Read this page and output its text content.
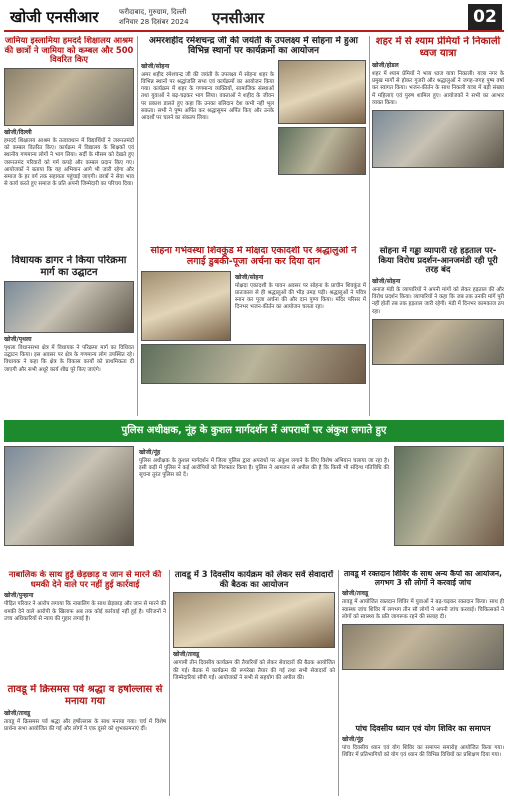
खोजी एनसीआर	फरीदाबाद, गुरुग्राम, दिल्ली
शनिवार 28 दिसंबर 2024 एनसीआर	02
जामिया इस्लामिया हमदर्द शिक्षालय आश्रम की छात्रों ने जामिया को कम्बल और 500 विवरित किए
खोजी/दिल्ली
हमदर्द शिक्षालय आश्रम के तत्वावधान में विद्यार्थियों ने जरूरतमंदों को कम्बल वितरित किए। कार्यक्रम में विद्यालय के शिक्षकों एवं स्थानीय गणमान्य लोगों ने भाग लिया। सर्दी के मौसम को देखते हुए जरूरतमंद परिवारों को गर्म कपड़े और कम्बल प्रदान किए गए। आयोजकों ने बताया कि यह अभियान आगे भी जारी रहेगा और समाज के हर वर्ग तक सहायता पहुंचाई जाएगी। छात्रों ने सेवा भाव से कार्य करते हुए समाज के प्रति अपनी जिम्मेदारी का परिचय दिया।
विधायक डागर ने किया परिक्रमा मार्ग का उद्घाटन
खोजी/पृथला
पृथला विधानसभा क्षेत्र में विधायक ने परिक्रमा मार्ग का विधिवत उद्घाटन किया। इस अवसर पर क्षेत्र के गणमान्य लोग उपस्थित रहे। विधायक ने कहा कि क्षेत्र के विकास कार्यों को प्राथमिकता दी जाएगी और सभी अधूरे कार्य शीघ्र पूरे किए जाएंगे।
अमरशहीद रमेशचन्द्र जी की जयंती के उपलक्ष्य में सोहना में हुआ विभिन्न स्थानों पर कार्यक्रमों का आयोजन
खोजी/सोहना
अमर शहीद रमेशचन्द्र जी की जयंती के उपलक्ष्य में सोहना शहर के विभिन्न स्थानों पर श्रद्धांजलि सभा एवं कार्यक्रमों का आयोजन किया गया। कार्यक्रम में शहर के गणमान्य व्यक्तियों, सामाजिक संस्थाओं तथा युवाओं ने बढ़-चढ़कर भाग लिया। वक्ताओं ने शहीद के जीवन पर प्रकाश डालते हुए कहा कि उनका बलिदान देश कभी नहीं भूल सकता। सभी ने पुष्प अर्पित कर श्रद्धासुमन अर्पित किए और उनके आदर्शों पर चलने का संकल्प लिया।
शहर में से श्याम प्रेमियों ने निकाली ध्वज यात्रा
खोजी/होडल
शहर में श्याम प्रेमियों ने भव्य ध्वज यात्रा निकाली। यात्रा नगर के प्रमुख मार्गों से होकर गुजरी और श्रद्धालुओं ने जगह-जगह पुष्प वर्षा कर स्वागत किया। भजन-कीर्तन के साथ निकली यात्रा में बड़ी संख्या में महिलाएं एवं पुरुष शामिल हुए। आयोजकों ने सभी का आभार व्यक्त किया।
सोहना गर्भवस्था शिवकुंड में मोक्षदा एकादशी पर श्रद्धालुओं ने लगाई डुबकी-पूजा अर्चना कर दिया दान
खोजी/सोहना
मोक्षदा एकादशी के पावन अवसर पर सोहना के प्राचीन शिवकुंड में प्रातःकाल से ही श्रद्धालुओं की भीड़ उमड़ पड़ी। श्रद्धालुओं ने पवित्र स्नान कर पूजा अर्चना की और दान पुण्य किया। मंदिर परिसर में दिनभर भजन-कीर्तन का आयोजन चलता रहा।
सोहना में गड्ढा व्यापारी रहे हड़ताल पर-किया विरोध प्रदर्शन-आनजमंडी रही पूरी तरह बंद
खोजी/सोहना
अनाज मंडी के व्यापारियों ने अपनी मांगों को लेकर हड़ताल की और विरोध प्रदर्शन किया। व्यापारियों ने कहा कि जब तक उनकी मांगें पूरी नहीं होतीं तब तक हड़ताल जारी रहेगी। मंडी में दिनभर कामकाज ठप रहा।
पुलिस अधीक्षक, नूंह के कुशल मार्गदर्शन में अपराधों पर अंकुश लगाते हुए
खोजी/नूंह
पुलिस अधीक्षक के कुशल मार्गदर्शन में जिला पुलिस द्वारा अपराधों पर अंकुश लगाने के लिए विशेष अभियान चलाया जा रहा है। इसी कड़ी में पुलिस ने कई आरोपियों को गिरफ्तार किया है। पुलिस ने आमजन से अपील की है कि किसी भी संदिग्ध गतिविधि की सूचना तुरंत पुलिस को दें।
नाबालिक के साथ हुई छेड़छाड़ व जान से मारने की धमकी देने वाले पर नहीं हुई कार्रवाई
खोजी/पुन्हाना
पीड़ित परिवार ने आरोप लगाया कि नाबालिग के साथ छेड़छाड़ और जान से मारने की धमकी देने वाले आरोपी के खिलाफ अब तक कोई कार्रवाई नहीं हुई है। परिजनों ने उच्च अधिकारियों से न्याय की गुहार लगाई है।
तावडू में 3 दिवसीय कार्यक्रम को लेकर सर्व सेवादारों की बैठक का आयोजन
खोजी/तावडू
आगामी तीन दिवसीय कार्यक्रम की तैयारियों को लेकर सेवादारों की बैठक आयोजित की गई। बैठक में कार्यक्रम की रूपरेखा तैयार की गई तथा सभी सेवादारों को जिम्मेदारियां सौंपी गईं। आयोजकों ने सभी से सहयोग की अपील की।
तावडू में रक्तदान शिविर के साथ अन्य कैंपों का आयोजन, लगभग 3 सौ लोगों ने करवाई जांच
खोजी/तावडू
तावडू में आयोजित रक्तदान शिविर में युवाओं ने बढ़-चढ़कर रक्तदान किया। साथ ही स्वास्थ्य जांच शिविर में लगभग तीन सौ लोगों ने अपनी जांच करवाई। चिकित्सकों ने लोगों को स्वास्थ्य के प्रति जागरूक रहने की सलाह दी।
तावडू में क्रिसमस पर्व श्रद्धा व हर्षोल्लास से मनाया गया
खोजी/तावडू
तावडू में क्रिसमस पर्व श्रद्धा और हर्षोल्लास के साथ मनाया गया। चर्च में विशेष प्रार्थना सभा आयोजित की गई और लोगों ने एक दूसरे को शुभकामनाएं दीं।	पांच दिवसीय ध्यान एवं योग शिविर का समापन
खोजी/नूंह
पांच दिवसीय ध्यान एवं योग शिविर का समापन समारोह आयोजित किया गया। शिविर में प्रतिभागियों को योग एवं ध्यान की विभिन्न विधियों का प्रशिक्षण दिया गया।
